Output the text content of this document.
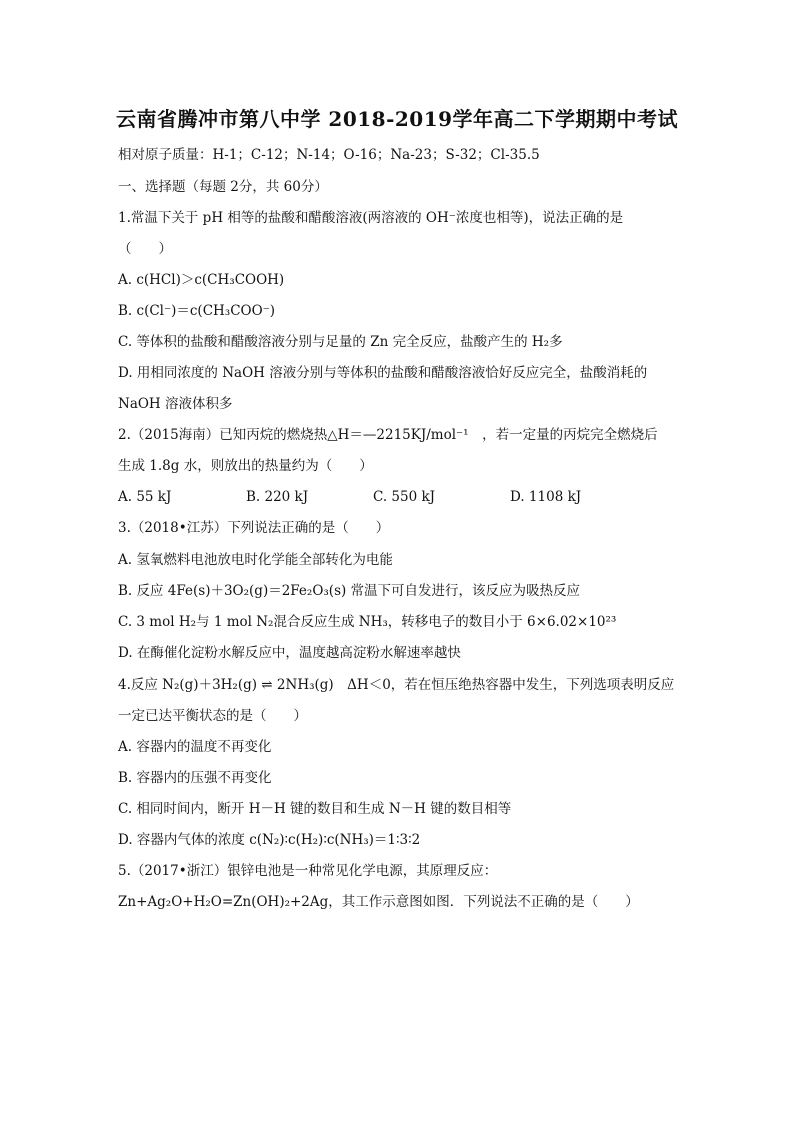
云南省腾冲市第八中学 2018-2019学年高二下学期期中考试
相对原子质量：H-1；C-12；N-14；O-16；Na-23；S-32；Cl-35.5
一、选择题（每题 2分，共 60分）
1.常温下关于 pH 相等的盐酸和醋酸溶液(两溶液的 OH⁻浓度也相等)，说法正确的是
（　　）
A. c(HCl)＞c(CH₃COOH)
B. c(Cl⁻)＝c(CH₃COO⁻)
C. 等体积的盐酸和醋酸溶液分别与足量的 Zn 完全反应，盐酸产生的 H₂多
D. 用相同浓度的 NaOH 溶液分别与等体积的盐酸和醋酸溶液恰好反应完全，盐酸消耗的
NaOH 溶液体积多
2.（2015海南）已知丙烷的燃烧热△H＝—2215KJ/mol⁻¹　，若一定量的丙烷完全燃烧后
生成 1.8g 水，则放出的热量约为（　　）
A. 55 kJ	B. 220 kJ	C. 550 kJ	D. 1108 kJ
3.（2018•江苏）下列说法正确的是（　　）
A. 氢氧燃料电池放电时化学能全部转化为电能
B. 反应 4Fe(s)＋3O₂(g)＝2Fe₂O₃(s) 常温下可自发进行，该反应为吸热反应
C. 3 mol H₂与 1 mol N₂混合反应生成 NH₃，转移电子的数目小于 6×6.02×10²³
D. 在酶催化淀粉水解反应中，温度越高淀粉水解速率越快
4.反应 N₂(g)＋3H₂(g) ⇌ 2NH₃(g)　ΔH＜0，若在恒压绝热容器中发生，下列选项表明反应
一定已达平衡状态的是（　　）
A. 容器内的温度不再变化
B. 容器内的压强不再变化
C. 相同时间内，断开 H－H 键的数目和生成 N－H 键的数目相等
D. 容器内气体的浓度 c(N₂)∶c(H₂)∶c(NH₃)＝1∶3∶2
5.（2017•浙江）银锌电池是一种常见化学电源，其原理反应：
Zn+Ag₂O+H₂O=Zn(OH)₂+2Ag，其工作示意图如图．下列说法不正确的是（　　）
